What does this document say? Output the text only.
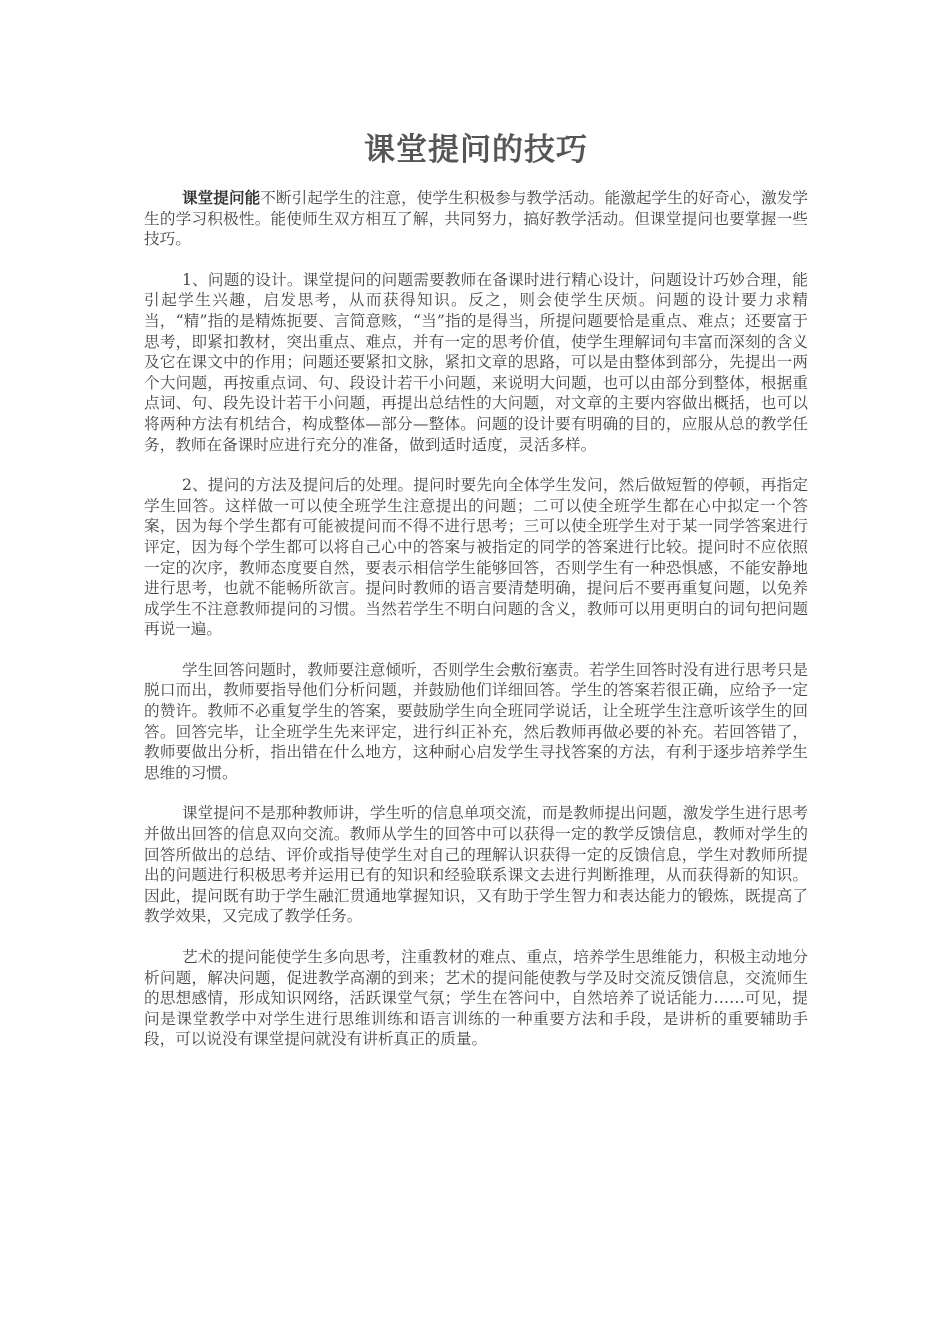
课堂提问的技巧

课堂提问能不断引起学生的注意，使学生积极参与教学活动。能激起学生的好奇心，激发学生的学习积极性。能使师生双方相互了解，共同努力，搞好教学活动。但课堂提问也要掌握一些技巧。

1、问题的设计。课堂提问的问题需要教师在备课时进行精心设计，问题设计巧妙合理，能引起学生兴趣，启发思考，从而获得知识。反之，则会使学生厌烦。问题的设计要力求精当，“精”指的是精炼扼要、言简意赅，“当”指的是得当，所提问题要恰是重点、难点；还要富于思考，即紧扣教材，突出重点、难点，并有一定的思考价值，使学生理解词句丰富而深刻的含义及它在课文中的作用；问题还要紧扣文脉，紧扣文章的思路，可以是由整体到部分，先提出一两个大问题，再按重点词、句、段设计若干小问题，来说明大问题，也可以由部分到整体，根据重点词、句、段先设计若干小问题，再提出总结性的大问题，对文章的主要内容做出概括，也可以将两种方法有机结合，构成整体—部分—整体。问题的设计要有明确的目的，应服从总的教学任务，教师在备课时应进行充分的准备，做到适时适度，灵活多样。

2、提问的方法及提问后的处理。提问时要先向全体学生发问，然后做短暂的停顿，再指定学生回答。这样做一可以使全班学生注意提出的问题；二可以使全班学生都在心中拟定一个答案，因为每个学生都有可能被提问而不得不进行思考；三可以使全班学生对于某一同学答案进行评定，因为每个学生都可以将自己心中的答案与被指定的同学的答案进行比较。提问时不应依照一定的次序，教师态度要自然，要表示相信学生能够回答，否则学生有一种恐惧感，不能安静地进行思考，也就不能畅所欲言。提问时教师的语言要清楚明确，提问后不要再重复问题，以免养成学生不注意教师提问的习惯。当然若学生不明白问题的含义，教师可以用更明白的词句把问题再说一遍。

学生回答问题时，教师要注意倾听，否则学生会敷衍塞责。若学生回答时没有进行思考只是脱口而出，教师要指导他们分析问题，并鼓励他们详细回答。学生的答案若很正确，应给予一定的赞许。教师不必重复学生的答案，要鼓励学生向全班同学说话，让全班学生注意听该学生的回答。回答完毕，让全班学生先来评定，进行纠正补充，然后教师再做必要的补充。若回答错了，教师要做出分析，指出错在什么地方，这种耐心启发学生寻找答案的方法，有利于逐步培养学生思维的习惯。

课堂提问不是那种教师讲，学生听的信息单项交流，而是教师提出问题，激发学生进行思考并做出回答的信息双向交流。教师从学生的回答中可以获得一定的教学反馈信息，教师对学生的回答所做出的总结、评价或指导使学生对自己的理解认识获得一定的反馈信息，学生对教师所提出的问题进行积极思考并运用已有的知识和经验联系课文去进行判断推理，从而获得新的知识。因此，提问既有助于学生融汇贯通地掌握知识，又有助于学生智力和表达能力的锻炼，既提高了教学效果，又完成了教学任务。

艺术的提问能使学生多向思考，注重教材的难点、重点，培养学生思维能力，积极主动地分析问题，解决问题，促进教学高潮的到来；艺术的提问能使教与学及时交流反馈信息，交流师生的思想感情，形成知识网络，活跃课堂气氛；学生在答问中，自然培养了说话能力……可见，提问是课堂教学中对学生进行思维训练和语言训练的一种重要方法和手段，是讲析的重要辅助手段，可以说没有课堂提问就没有讲析真正的质量。
